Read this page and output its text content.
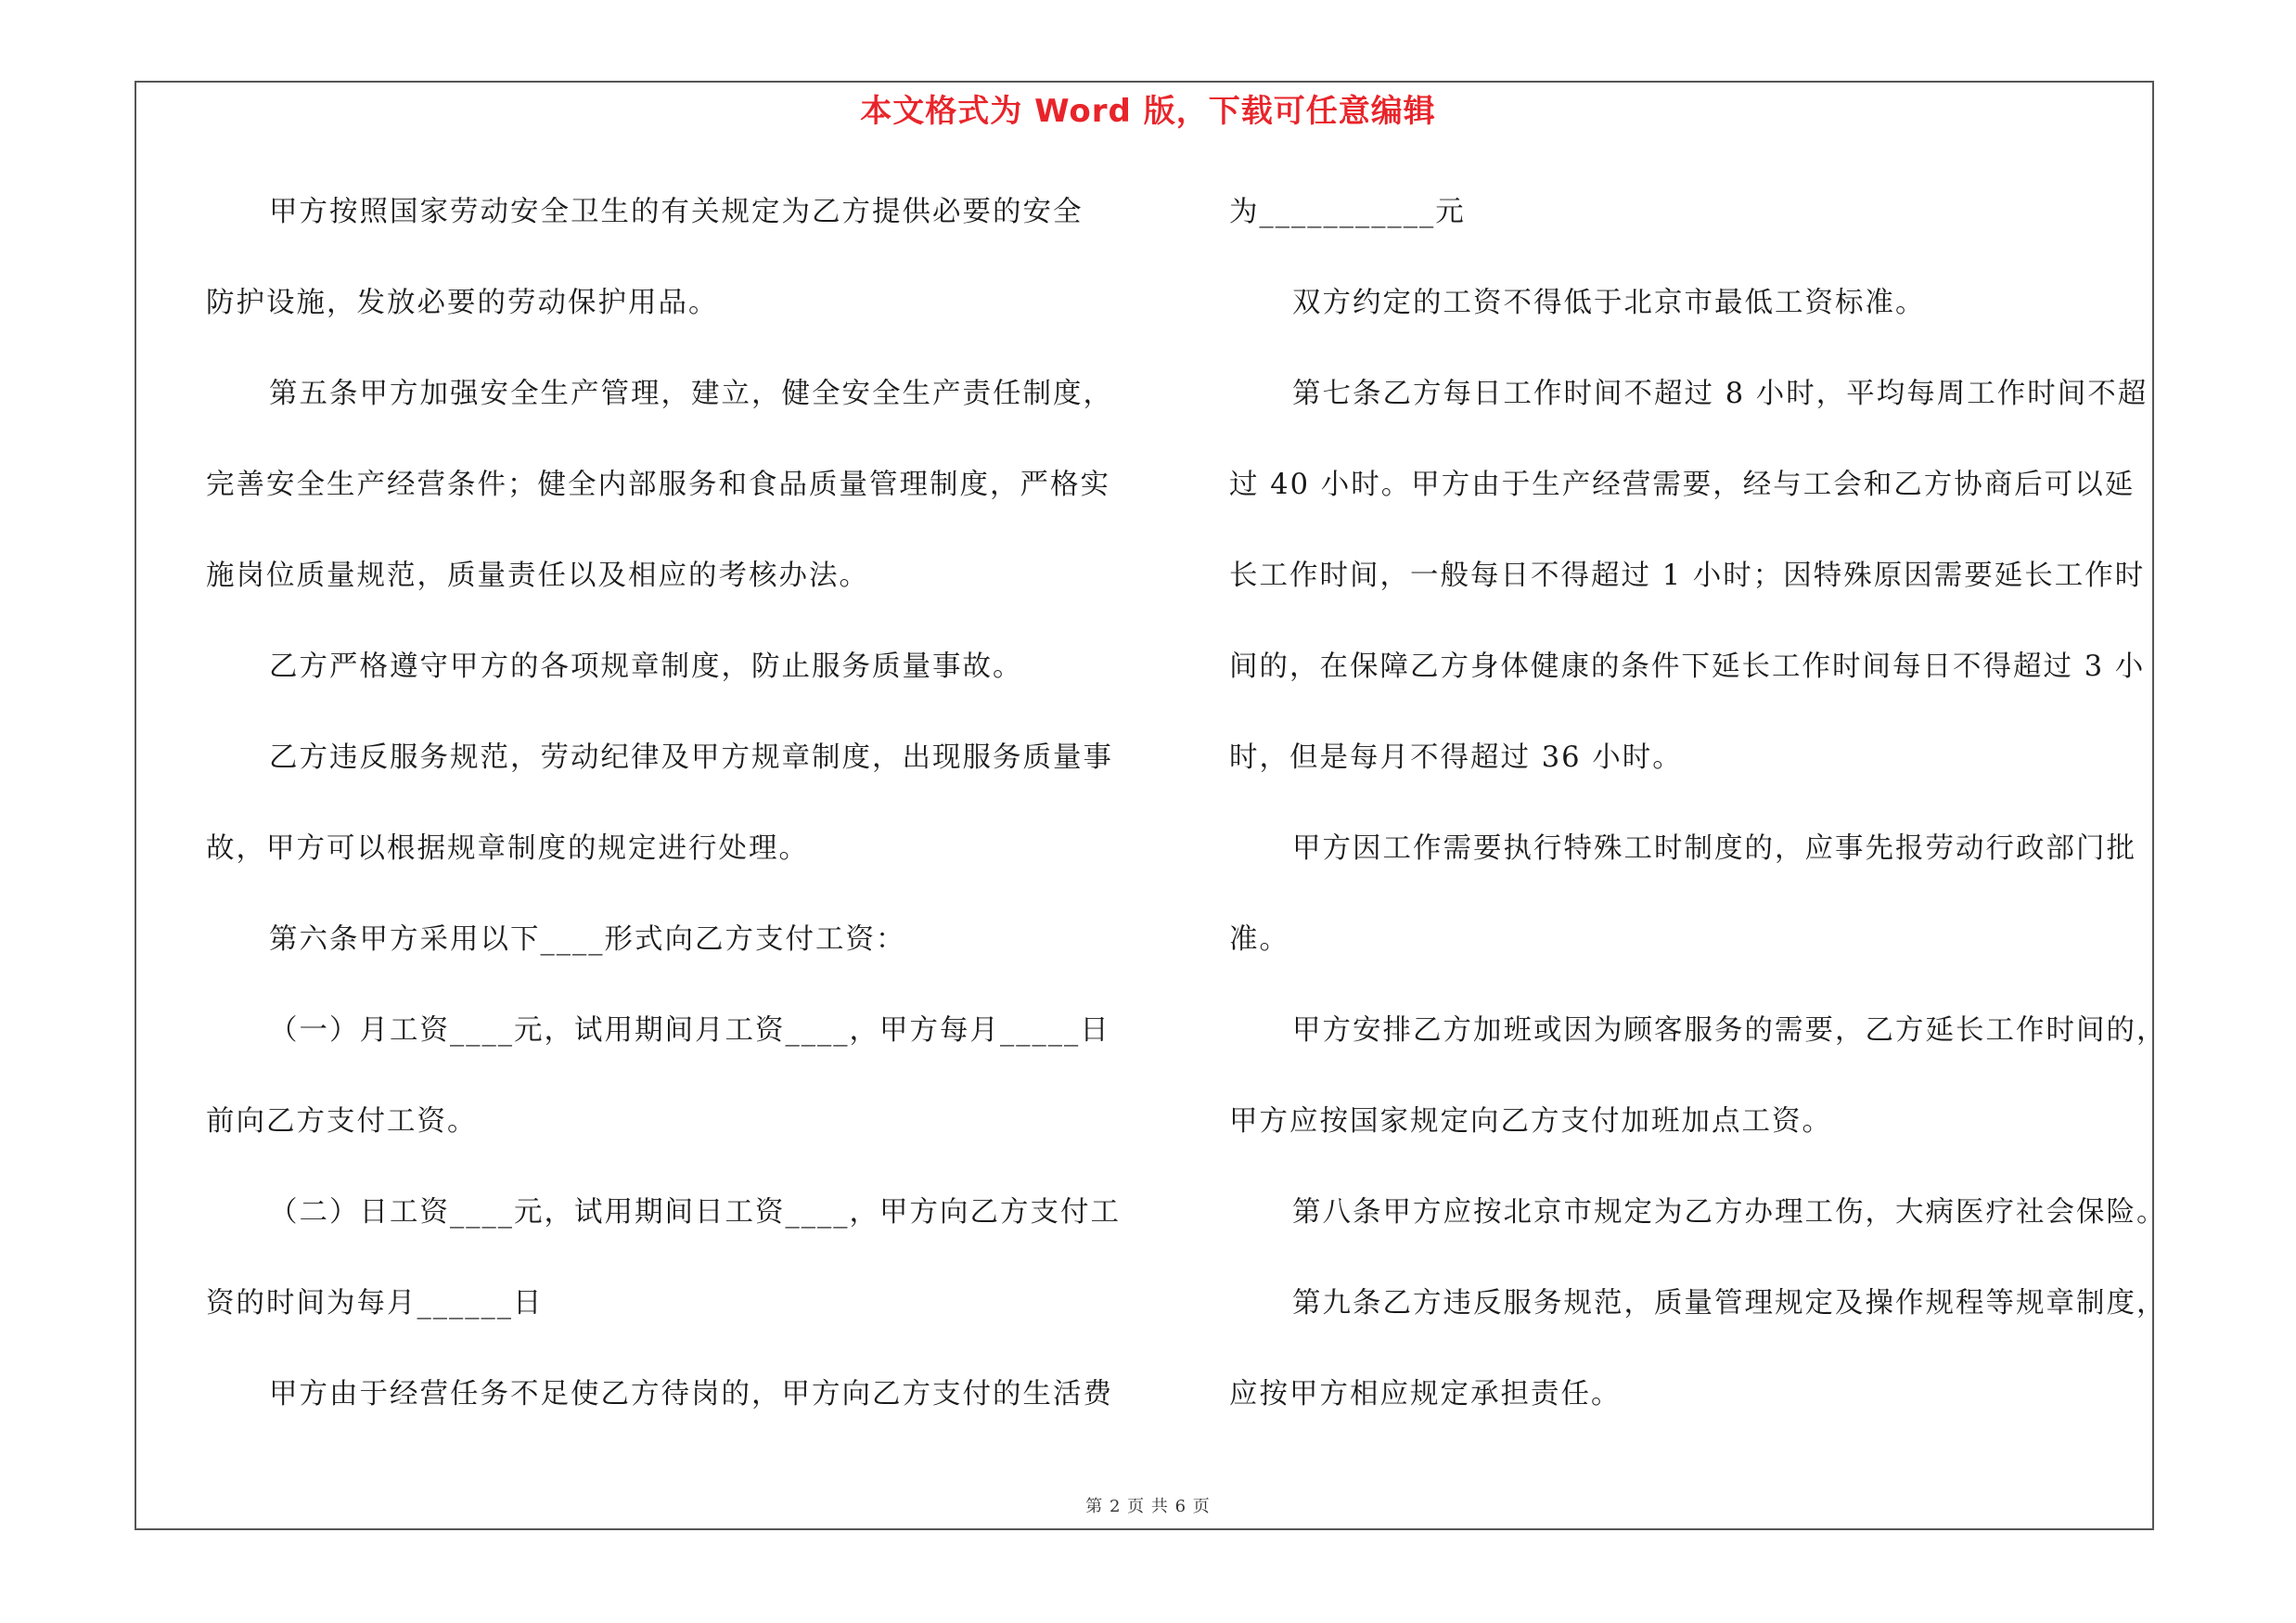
本文格式为 Word 版，下载可任意编辑
甲方按照国家劳动安全卫生的有关规定为乙方提供必要的安全
防护设施，发放必要的劳动保护用品。
第五条甲方加强安全生产管理，建立，健全安全生产责任制度，
完善安全生产经营条件；健全内部服务和食品质量管理制度，严格实
施岗位质量规范，质量责任以及相应的考核办法。
乙方严格遵守甲方的各项规章制度，防止服务质量事故。
乙方违反服务规范，劳动纪律及甲方规章制度，出现服务质量事
故，甲方可以根据规章制度的规定进行处理。
第六条甲方采用以下____形式向乙方支付工资：
（一）月工资____元，试用期间月工资____，甲方每月_____日
前向乙方支付工资。
（二）日工资____元，试用期间日工资____，甲方向乙方支付工
资的时间为每月______日
甲方由于经营任务不足使乙方待岗的，甲方向乙方支付的生活费
为___________元
双方约定的工资不得低于北京市最低工资标准。
第七条乙方每日工作时间不超过 8 小时，平均每周工作时间不超
过 40 小时。甲方由于生产经营需要，经与工会和乙方协商后可以延
长工作时间，一般每日不得超过 1 小时；因特殊原因需要延长工作时
间的，在保障乙方身体健康的条件下延长工作时间每日不得超过 3 小
时，但是每月不得超过 36 小时。
甲方因工作需要执行特殊工时制度的，应事先报劳动行政部门批
准。
甲方安排乙方加班或因为顾客服务的需要，乙方延长工作时间的，
甲方应按国家规定向乙方支付加班加点工资。
第八条甲方应按北京市规定为乙方办理工伤，大病医疗社会保险。
第九条乙方违反服务规范，质量管理规定及操作规程等规章制度，
应按甲方相应规定承担责任。
第 2 页 共 6 页
